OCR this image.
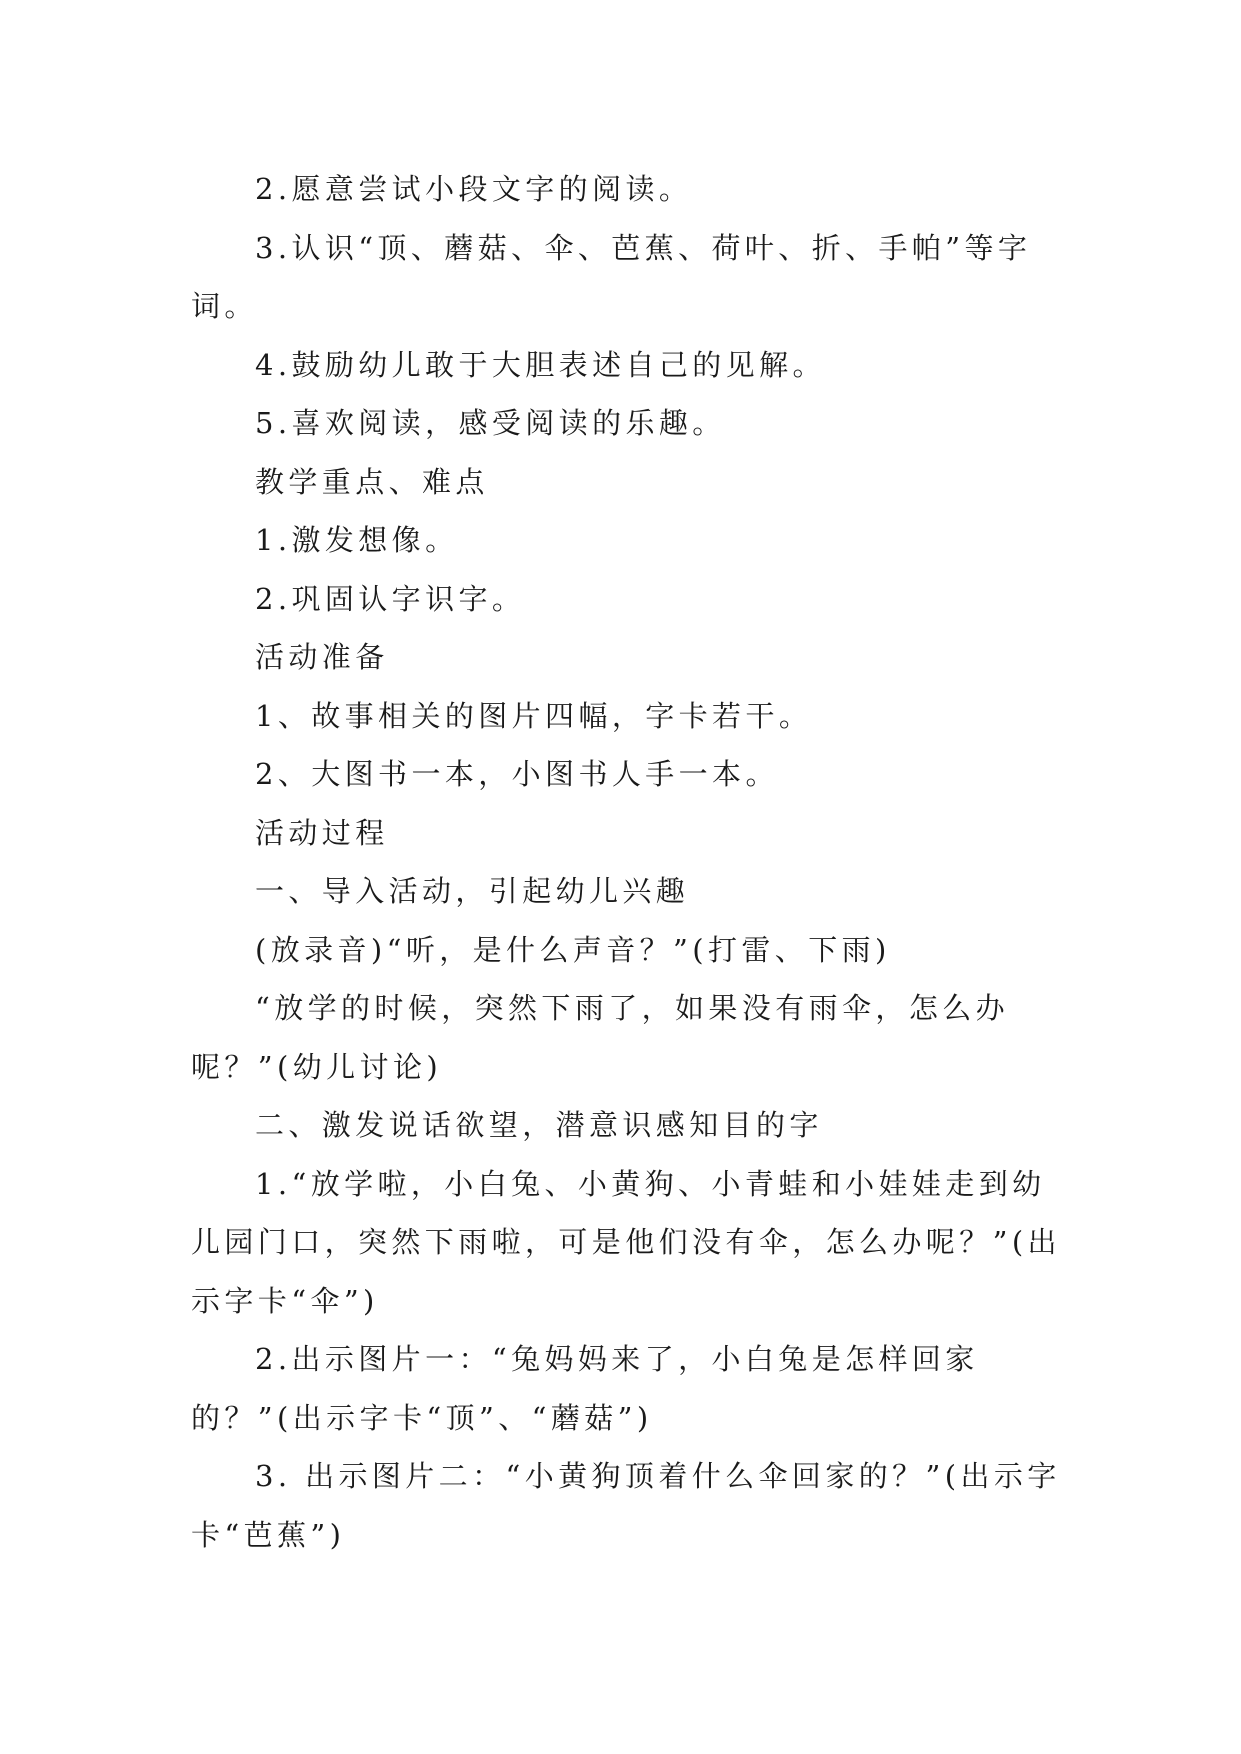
2.愿意尝试小段文字的阅读。

3.认识“顶、蘑菇、伞、芭蕉、荷叶、折、手帕”等字词。

4.鼓励幼儿敢于大胆表述自己的见解。

5.喜欢阅读，感受阅读的乐趣。

教学重点、难点

1.激发想像。

2.巩固认字识字。

活动准备

1、故事相关的图片四幅，字卡若干。

2、大图书一本，小图书人手一本。

活动过程

一、导入活动，引起幼儿兴趣

(放录音)“听，是什么声音？”(打雷、下雨)

“放学的时候，突然下雨了，如果没有雨伞，怎么办呢？”(幼儿讨论)

二、激发说话欲望，潜意识感知目的字

1.“放学啦，小白兔、小黄狗、小青蛙和小娃娃走到幼儿园门口，突然下雨啦，可是他们没有伞，怎么办呢？”(出示字卡“伞”)

2.出示图片一：“兔妈妈来了，小白兔是怎样回家的？”(出示字卡“顶”、“蘑菇”)

3. 出示图片二：“小黄狗顶着什么伞回家的？”(出示字卡“芭蕉”)
